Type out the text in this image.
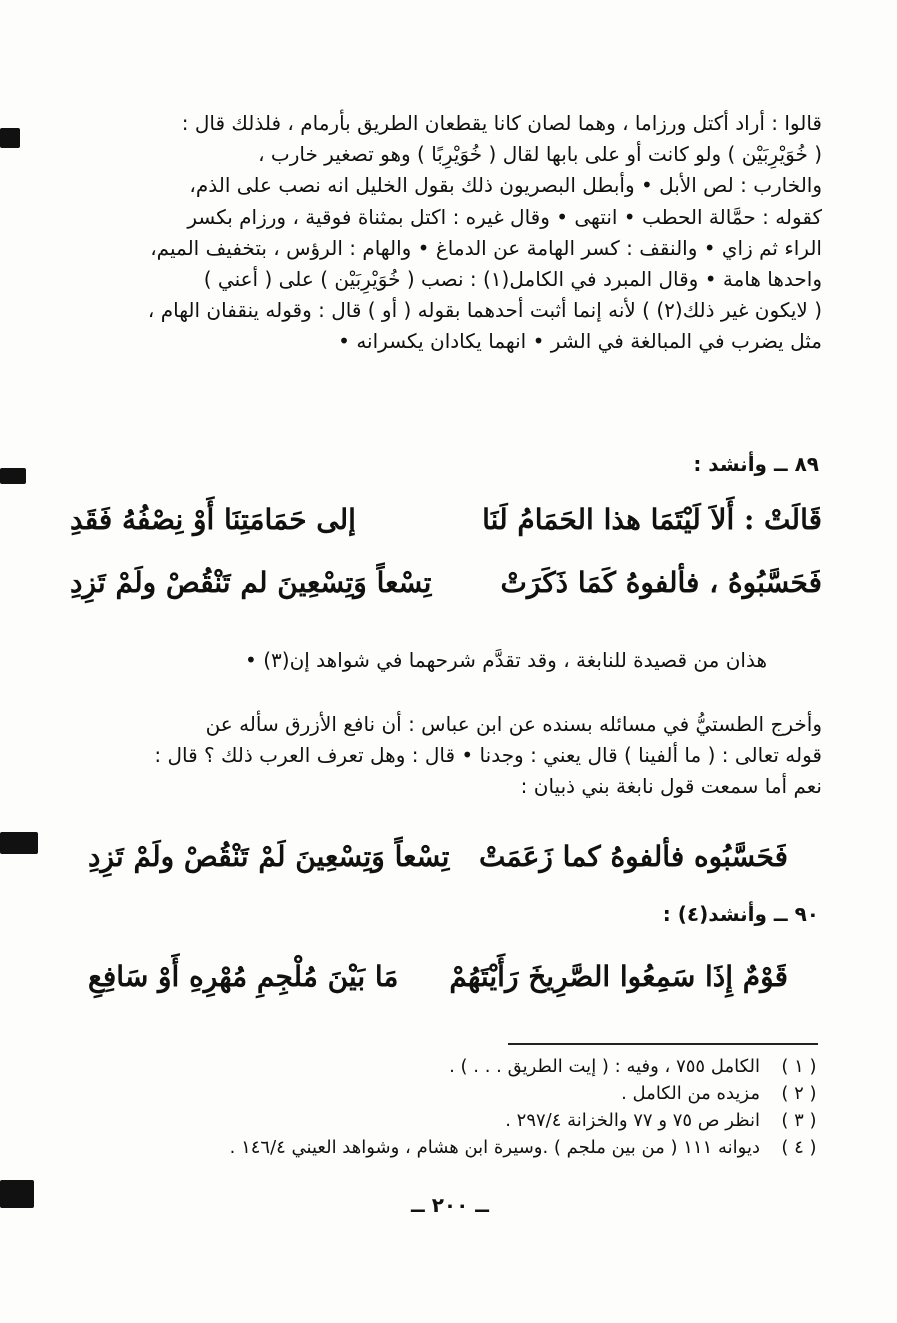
قالوا : أراد أكتل ورزاما ، وهما لصان كانا يقطعان الطريق بأرمام ، فلذلك قال :

( خُوَيْرِبَيْن ) ولو كانت أو على بابها لقال ( خُوَيْرِبًا ) وهو تصغير خارب ،

والخارب : لص الأبل • وأبطل البصريون ذلك بقول الخليل انه نصب على الذم،

كقوله : حمَّالة الحطب • انتهى • وقال غيره : اكتل بمثناة فوقية ، ورزام بكسر

الراء ثم زاي • والنقف : كسر الهامة عن الدماغ • والهام : الرؤس ، بتخفيف الميم،

واحدها هامة • وقال المبرد في الكامل(١) : نصب ( خُوَيْرِبَيْن ) على ( أعني )

( لايكون غير ذلك(٢) ) لأنه إنما أثبت أحدهما بقوله ( أو ) قال : وقوله ينقفان الهام ،

مثل يضرب في المبالغة في الشر • انهما يكادان يكسرانه •

٨٩ ــ وأنشد :
قَالَتْ : أَلاَ لَيْتَمَا هذا الحَمَامُ لَنَا
إلى حَمَامَتِنَا أَوْ نِصْفُهُ فَقَدِ
فَحَسَّبُوهُ ، فألفوهُ كَمَا ذَكَرَتْ
تِسْعاً وَتِسْعِينَ لم تَنْقُصْ ولَمْ تَزِدِ
هذان من قصيدة للنابغة ، وقد تقدَّم شرحهما في شواهد إن(٣) •

وأخرج الطستيُّ في مسائله بسنده عن ابن عباس : أن نافع الأزرق سأله عن

قوله تعالى : ( ما ألفينا ) قال يعني : وجدنا • قال : وهل تعرف العرب ذلك ؟ قال :

نعم أما سمعت قول نابغة بني ذبيان :

فَحَسَّبُوه فألفوهُ كما زَعَمَتْ
تِسْعاً وَتِسْعِينَ لَمْ تَنْقُصْ ولَمْ تَزِدِ
٩٠ ــ وأنشد(٤) :
قَوْمٌ إِذَا سَمِعُوا الصَّرِيخَ رَأَيْتَهُمْ
مَا بَيْنَ مُلْجِمِ مُهْرِهِ أَوْ سَافِعِ
( ١ )
الكامل ٧٥٥ ، وفيه : ( إيت الطريق . . . ) .
( ٢ )
مزيده من الكامل .
( ٣ )
انظر ص ٧٥ و ٧٧ والخزانة ٢٩٧/٤ .
( ٤ )
ديوانه ١١١ ( من بين ملجم ) .وسيرة ابن هشام ، وشواهد العيني ١٤٦/٤ .
ــ ٢٠٠ ــ
